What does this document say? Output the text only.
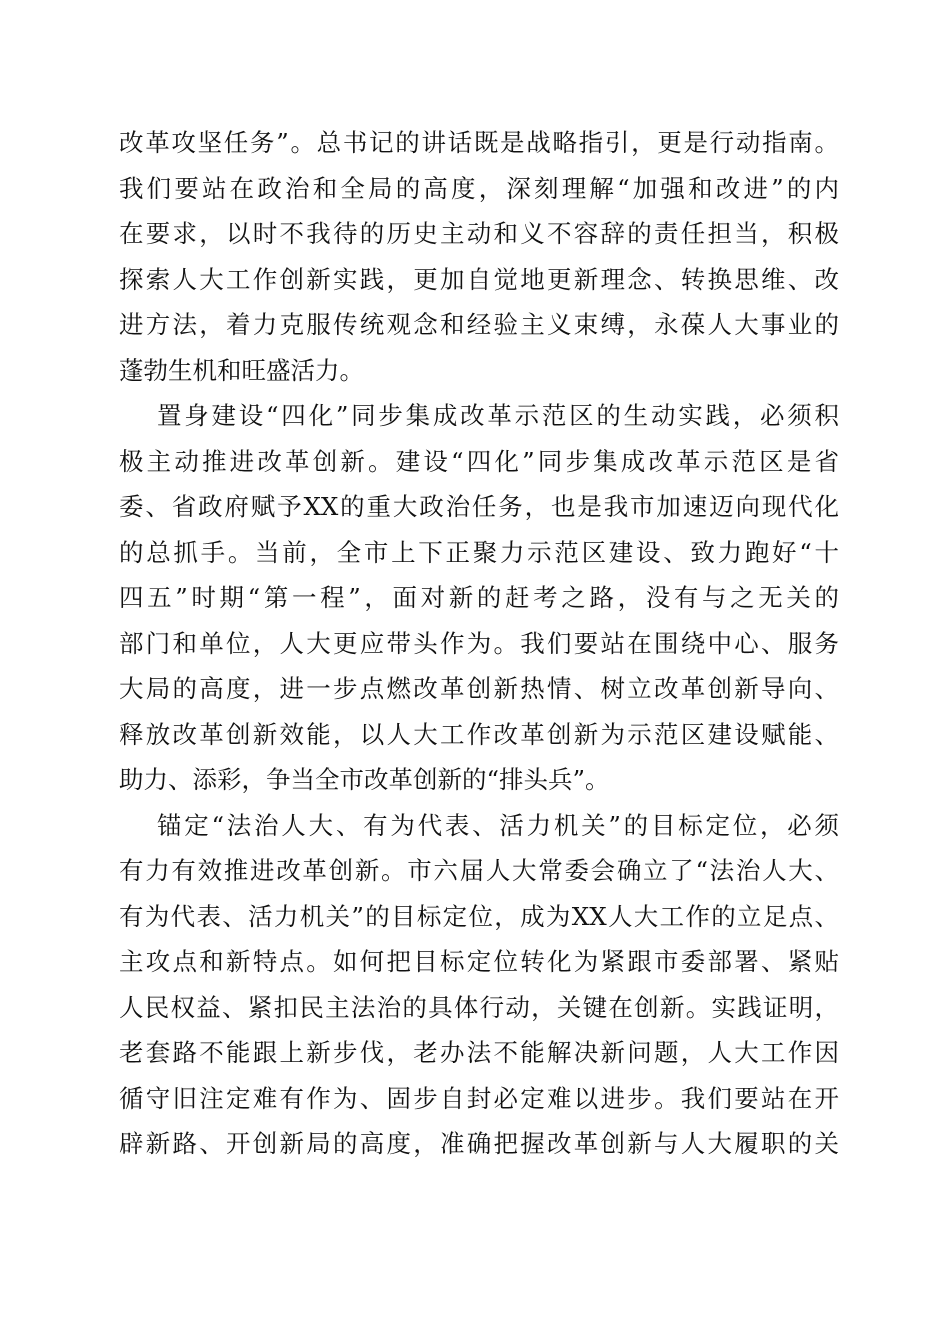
改革攻坚任务”。总书记的讲话既是战略指引，更是行动指南。
我们要站在政治和全局的高度，深刻理解“加强和改进”的内
在要求，以时不我待的历史主动和义不容辞的责任担当，积极
探索人大工作创新实践，更加自觉地更新理念、转换思维、改
进方法，着力克服传统观念和经验主义束缚，永葆人大事业的
蓬勃生机和旺盛活力。
置身建设“四化”同步集成改革示范区的生动实践，必须积
极主动推进改革创新。建设“四化”同步集成改革示范区是省
委、省政府赋予XX的重大政治任务，也是我市加速迈向现代化
的总抓手。当前，全市上下正聚力示范区建设、致力跑好“十
四五”时期“第一程”，面对新的赶考之路，没有与之无关的
部门和单位，人大更应带头作为。我们要站在围绕中心、服务
大局的高度，进一步点燃改革创新热情、树立改革创新导向、
释放改革创新效能，以人大工作改革创新为示范区建设赋能、
助力、添彩，争当全市改革创新的“排头兵”。
锚定“法治人大、有为代表、活力机关”的目标定位，必须
有力有效推进改革创新。市六届人大常委会确立了“法治人大、
有为代表、活力机关”的目标定位，成为XX人大工作的立足点、
主攻点和新特点。如何把目标定位转化为紧跟市委部署、紧贴
人民权益、紧扣民主法治的具体行动，关键在创新。实践证明，
老套路不能跟上新步伐，老办法不能解决新问题，人大工作因
循守旧注定难有作为、固步自封必定难以进步。我们要站在开
辟新路、开创新局的高度，准确把握改革创新与人大履职的关
